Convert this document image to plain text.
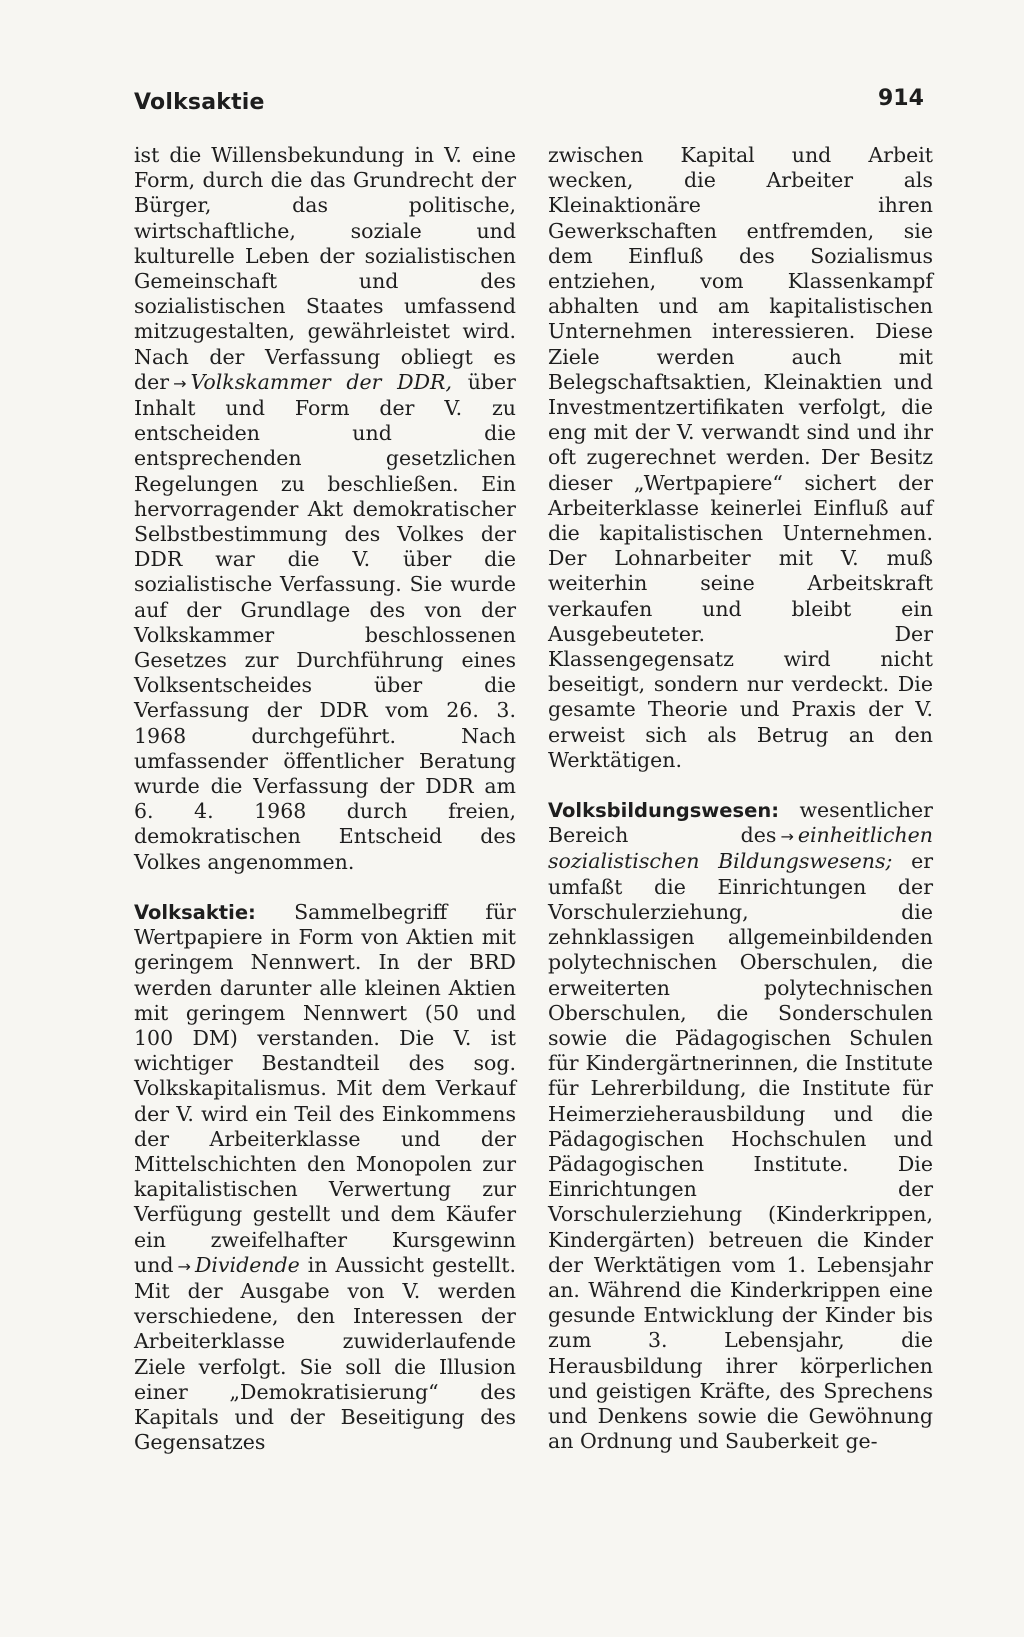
Volksaktie	914

ist die Willensbekundung in V. eine Form, durch die das Grundrecht der Bürger, das politische, wirtschaftliche, soziale und kulturelle Leben der sozialistischen Gemeinschaft und des sozialistischen Staates umfassend mitzugestalten, gewährleistet wird. Nach der Verfassung obliegt es der → Volkskammer der DDR, über Inhalt und Form der V. zu entscheiden und die entsprechenden gesetzlichen Regelungen zu beschließen. Ein hervorragender Akt demokratischer Selbstbestimmung des Volkes der DDR war die V. über die sozialistische Verfassung. Sie wurde auf der Grundlage des von der Volkskammer beschlossenen Gesetzes zur Durchführung eines Volksentscheides über die Verfassung der DDR vom 26. 3. 1968 durchgeführt. Nach umfassender öffentlicher Beratung wurde die Verfassung der DDR am 6. 4. 1968 durch freien, demokratischen Entscheid des Volkes angenommen.

Volksaktie: Sammelbegriff für Wertpapiere in Form von Aktien mit geringem Nennwert. In der BRD werden darunter alle kleinen Aktien mit geringem Nennwert (50 und 100 DM) verstanden. Die V. ist wichtiger Bestandteil des sog. Volkskapitalismus. Mit dem Verkauf der V. wird ein Teil des Einkommens der Arbeiterklasse und der Mittelschichten den Monopolen zur kapitalistischen Verwertung zur Verfügung gestellt und dem Käufer ein zweifelhafter Kursgewinn und → Dividende in Aussicht gestellt. Mit der Ausgabe von V. werden verschiedene, den Interessen der Arbeiterklasse zuwiderlaufende Ziele verfolgt. Sie soll die Illusion einer „Demokratisierung“ des Kapitals und der Beseitigung des Gegensatzes

zwischen Kapital und Arbeit wecken, die Arbeiter als Kleinaktionäre ihren Gewerkschaften entfremden, sie dem Einfluß des Sozialismus entziehen, vom Klassenkampf abhalten und am kapitalistischen Unternehmen interessieren. Diese Ziele werden auch mit Belegschaftsaktien, Kleinaktien und Investmentzertifikaten verfolgt, die eng mit der V. verwandt sind und ihr oft zugerechnet werden. Der Besitz dieser „Wertpapiere“ sichert der Arbeiterklasse keinerlei Einfluß auf die kapitalistischen Unternehmen. Der Lohnarbeiter mit V. muß weiterhin seine Arbeitskraft verkaufen und bleibt ein Ausgebeuteter. Der Klassengegensatz wird nicht beseitigt, sondern nur verdeckt. Die gesamte Theorie und Praxis der V. erweist sich als Betrug an den Werktätigen.

Volksbildungswesen: wesentlicher Bereich des → einheitlichen sozialistischen Bildungswesens; er umfaßt die Einrichtungen der Vorschulerziehung, die zehnklassigen allgemeinbildenden polytechnischen Oberschulen, die erweiterten polytechnischen Oberschulen, die Sonderschulen sowie die Pädagogischen Schulen für Kindergärtnerinnen, die Institute für Lehrerbildung, die Institute für Heimerzieherausbildung und die Pädagogischen Hochschulen und Pädagogischen Institute. Die Einrichtungen der Vorschulerziehung (Kinderkrippen, Kindergärten) betreuen die Kinder der Werktätigen vom 1. Lebensjahr an. Während die Kinderkrippen eine gesunde Entwicklung der Kinder bis zum 3. Lebensjahr, die Herausbildung ihrer körperlichen und geistigen Kräfte, des Sprechens und Denkens sowie die Gewöhnung an Ordnung und Sauberkeit ge-
